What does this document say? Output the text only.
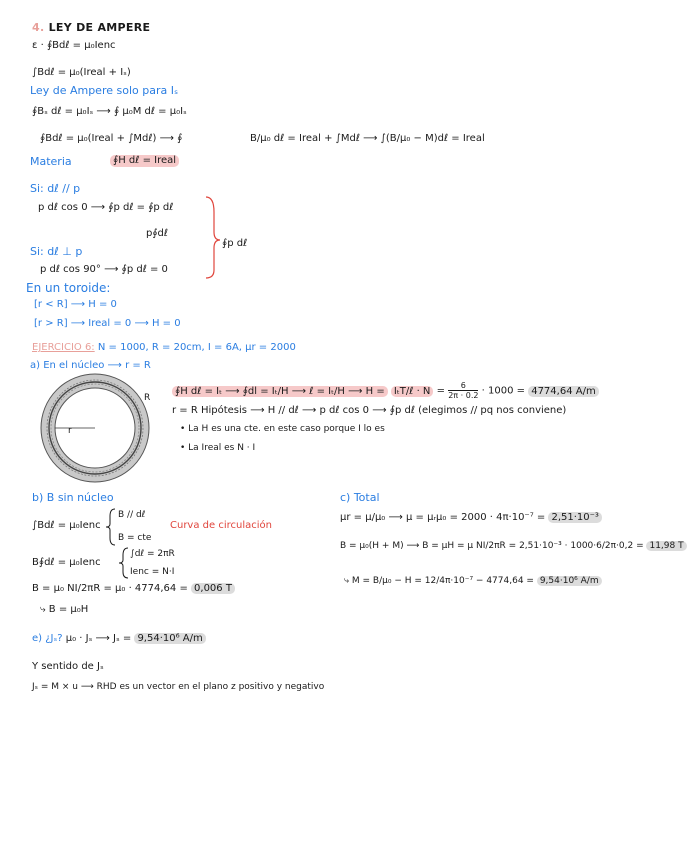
4. LEY DE AMPERE
ε · ∮Bdℓ = μ₀Ienc
∫Bdℓ = μ₀(Ireal + Iₛ)
Ley de Ampere solo para Iₛ
∮Bₛ dℓ = μ₀Iₛ ⟶ ∮ μ₀M dℓ = μ₀Iₛ
∮Bdℓ = μ₀(Ireal + ∫Mdℓ) ⟶ ∮	B/μ₀ dℓ = Ireal + ∫Mdℓ ⟶ ∫(B/μ₀ − M)dℓ = Ireal
Materia	∮H dℓ = Ireal
Si: dℓ // p
p dℓ cos 0 ⟶ ∮p dℓ = ∮p dℓ
p∮dℓ
∮p dℓ
Si: dℓ ⊥ p
p dℓ cos 90° ⟶ ∮p dℓ = 0
En un toroide:
[r < R] ⟶ H = 0
[r > R] ⟶ Ireal = 0 ⟶ H = 0
EJERCICIO 6: N = 1000, R = 20cm, I = 6A, μr = 2000
a) En el núcleo ⟶ r = R
∮H dℓ = Iₜ ⟶ ∮dl = Iₜ/H ⟶ ℓ = Iₜ/H ⟶ H = IₜT/ℓ · $N = \frac{6}{2\pi \cdot 0.2} \cdot 1000 = 4774,64$ A/m
r = R Hipótesis ⟶ H // dℓ ⟶ p dℓ cos 0 ⟶ ∮p dℓ (elegimos // pq nos conviene)
• La H es una cte. en este caso porque I lo es
• La Ireal es N · I
r
R
b) B sin núcleo
∫Bdℓ = μ₀Ienc
B // dℓ
B = cte
Curva de circulación
B∮dℓ = μ₀Ienc
∫dℓ = 2πR
Ienc = N·I
B = μ₀ NI/2πR = μ₀ · 4774,64 = 0,006 T
⤷ B = μ₀H
c) Total
μr = μ/μ₀ ⟶ μ = μᵣμ₀ = 2000 · 4π·10⁻⁷ = 2,51·10⁻³
B = μ₀(H + M) ⟶ B = μH = μ NI/2πR = 2,51·10⁻³ · 1000·6/2π·0,2 = 11,98 T
⤷ M = B/μ₀ − H = 12/4π·10⁻⁷ − 4774,64 = 9,54·10⁶ A/m
e) ¿Jₛ? μ₀ · Jₛ ⟶ Jₛ = 9,54·10⁶ A/m
Y sentido de Jₛ
Jₛ = M × u ⟶ RHD es un vector en el plano z positivo y negativo
